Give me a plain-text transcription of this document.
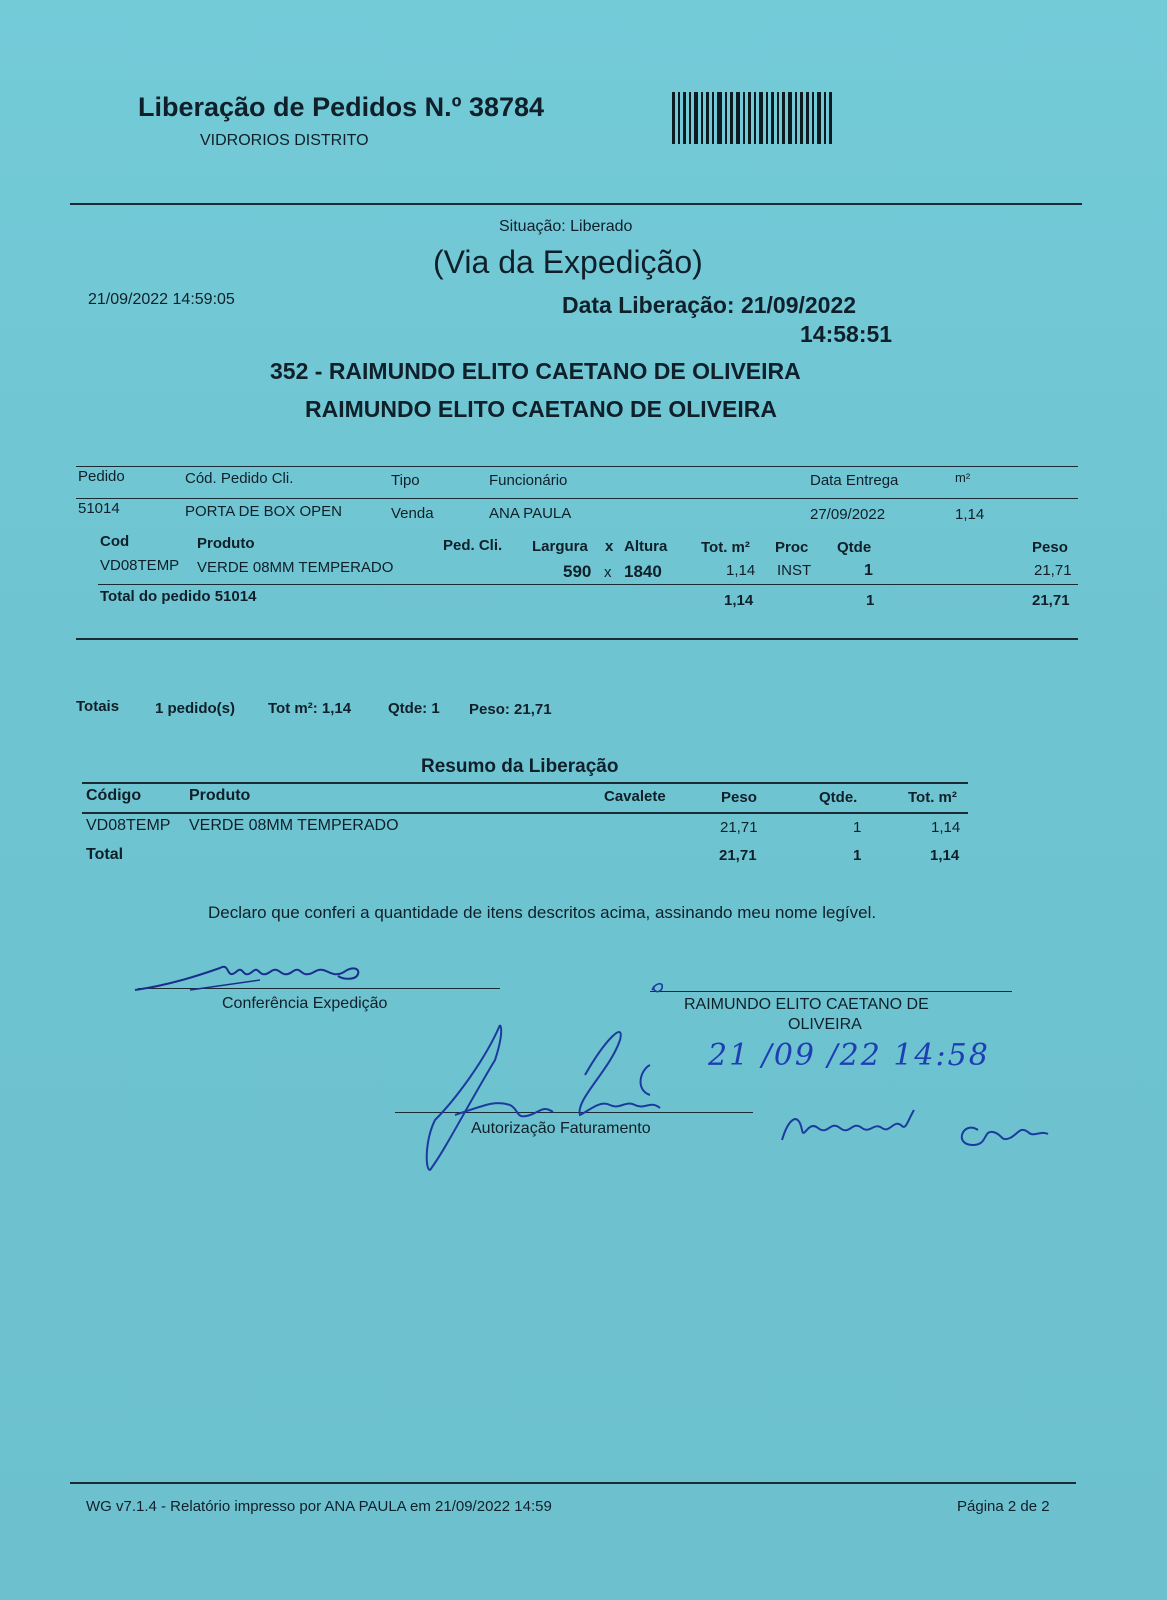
Liberação de Pedidos N.º 38784
VIDRORIOS DISTRITO
Situação: Liberado
(Via da Expedição)
21/09/2022 14:59:05	Data Liberação: 21/09/2022
14:58:51
352 - RAIMUNDO ELITO CAETANO DE OLIVEIRA
RAIMUNDO ELITO CAETANO DE OLIVEIRA
Pedido	Cód. Pedido Cli.	Tipo	Funcionário	Data Entrega	m²
51014	PORTA DE BOX OPEN	Venda	ANA PAULA	27/09/2022	1,14
Cod	Produto	Ped. Cli. Largura x Altura Tot. m² Proc Qtde	Peso
VD08TEMP VERDE 08MM TEMPERADO	590 x 1840	1,14 INST	1	21,71
Total do pedido 51014	1,14	1	21,71
Totais 1 pedido(s) Tot m²: 1,14 Qtde: 1 Peso: 21,71
Resumo da Liberação
Código	Produto	Cavalete	Peso	Qtde.	Tot. m²
VD08TEMP VERDE 08MM TEMPERADO	21,71	1	1,14
Total	21,71	1	1,14
Declaro que conferi a quantidade de itens descritos acima, assinando meu nome legível.
Conferência Expedição	RAIMUNDO ELITO CAETANO DE
OLIVEIRA
Autorização Faturamento
21 /09 /22 14:58
WG v7.1.4 - Relatório impresso por ANA PAULA em 21/09/2022 14:59	Página 2 de 2
